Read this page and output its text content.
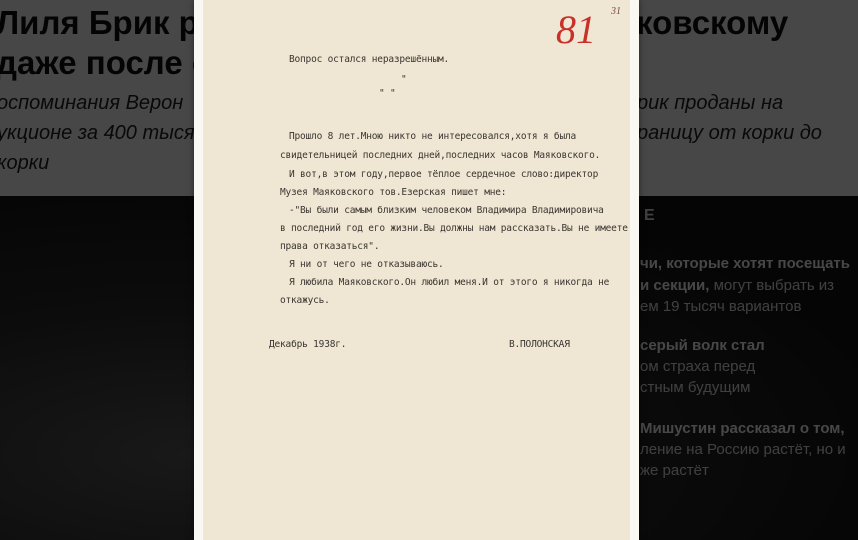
81 31
Вопрос остался неразрешённым.
"
" "
Прошло 8 лет.Мною никто не интересовался,хотя я была
свидетельницей последних дней,последних часов Маяковского.
И вот,в этом году,первое тёплое сердечное слово:директор
Музея Маяковского тов.Езерская пишет мне:
-"Вы были самым близким человеком Владимира Владимировича
в последний год его жизни.Вы должны нам рассказать.Вы не имеете
права отказаться".
Я ни от чего не отказываюсь.
Я любила Маяковского.Он любил меня.И от этого я никогда не
откажусь.
Декабрь 1938г.	В.ПОЛОНСКАЯ
